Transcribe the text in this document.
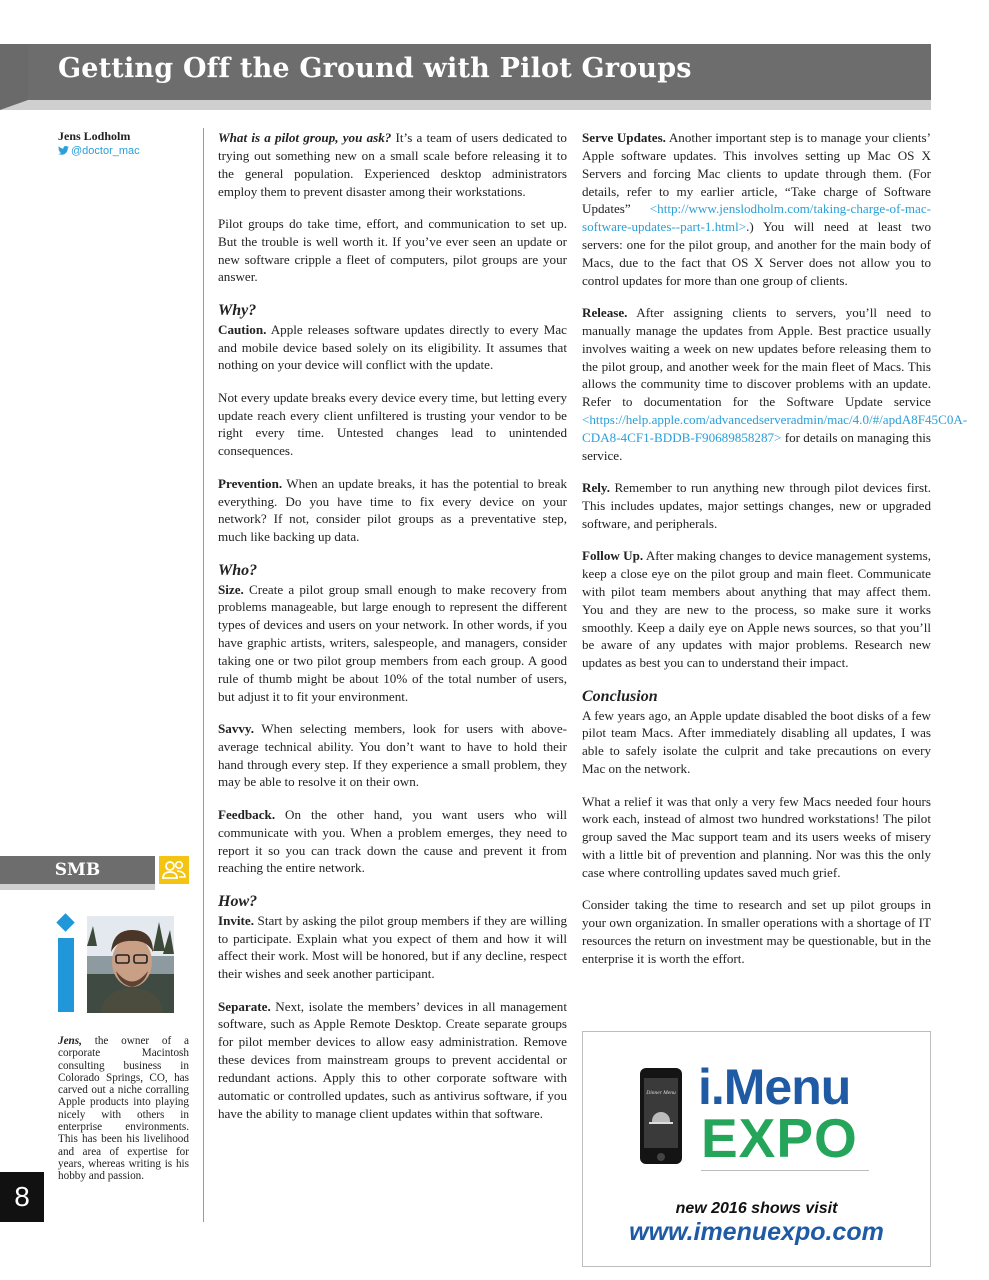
Getting Off the Ground with Pilot Groups
Jens Lodholm
@doctor_mac
SMB
Jens, the owner of a corporate Macintosh consulting business in Colorado Springs, CO, has carved out a niche corralling Apple products into playing nicely with others in enterprise environments. This has been his livelihood and area of expertise for years, whereas writing is his hobby and passion.
8

What is a pilot group, you ask? It’s a team of users dedicated to trying out something new on a small scale before releasing it to the general population. Experienced desktop administrators employ them to prevent disaster among their workstations.

Pilot groups do take time, effort, and communication to set up. But the trouble is well worth it. If you’ve ever seen an update or new software cripple a fleet of computers, pilot groups are your answer.

Why?

Caution. Apple releases software updates directly to every Mac and mobile device based solely on its eligibility. It assumes that nothing on your device will conflict with the update.

Not every update breaks every device every time, but letting every update reach every client unfiltered is trusting your vendor to be right every time. Untested changes lead to unintended consequences.

Prevention. When an update breaks, it has the potential to break everything. Do you have time to fix every device on your network? If not, consider pilot groups as a preventative step, much like backing up data.

Who?

Size. Create a pilot group small enough to make recovery from problems manageable, but large enough to represent the different types of devices and users on your network. In other words, if you have graphic artists, writers, salespeople, and managers, consider taking one or two pilot group members from each group. A good rule of thumb might be about 10% of the total number of users, but adjust it to fit your environment.

Savvy. When selecting members, look for users with above-average technical ability. You don’t want to have to hold their hand through every step. If they experience a small problem, they may be able to resolve it on their own.

Feedback. On the other hand, you want users who will communicate with you. When a problem emerges, they need to report it so you can track down the cause and prevent it from reaching the entire network.

How?

Invite. Start by asking the pilot group members if they are willing to participate. Explain what you expect of them and how it will affect their work. Most will be honored, but if any decline, respect their wishes and seek another participant.

Separate. Next, isolate the members’ devices in all management software, such as Apple Remote Desktop. Create separate groups for pilot member devices to allow easy administration. Remove these devices from mainstream groups to prevent accidental or redundant actions. Apply this to other corporate software with automatic or controlled updates, such as antivirus software, if you have the ability to manage client updates within that software.

Serve Updates. Another important step is to manage your clients’ Apple software updates. This involves setting up Mac OS X Servers and forcing Mac clients to update through them. (For details, refer to my earlier article, “Take charge of Software Updates” <http://www.jenslodholm.com/taking-charge-of-mac-software-updates--part-1.html>.) You will need at least two servers: one for the pilot group, and another for the main body of Macs, due to the fact that OS X Server does not allow you to control updates for more than one group of clients.

Release. After assigning clients to servers, you’ll need to manually manage the updates from Apple. Best practice usually involves waiting a week on new updates before releasing them to the pilot group, and another week for the main fleet of Macs. This allows the community time to discover problems with an update. Refer to documentation for the Software Update service <https://help.apple.com/advancedserveradmin/mac/4.0/#/apdA8F45C0A-CDA8-4CF1-BDDB-F90689858287> for details on managing this service.

Rely. Remember to run anything new through pilot devices first. This includes updates, major settings changes, new or upgraded software, and peripherals.

Follow Up. After making changes to device management systems, keep a close eye on the pilot group and main fleet. Communicate with pilot team members about anything that may affect them. You and they are new to the process, so make sure it works smoothly. Keep a daily eye on Apple news sources, so that you’ll be aware of any updates with major problems. Research new updates as best you can to understand their impact.

Conclusion

A few years ago, an Apple update disabled the boot disks of a few pilot team Macs. After immediately disabling all updates, I was able to safely isolate the culprit and take precautions on every Mac on the network.

What a relief it was that only a very few Macs needed four hours work each, instead of almost two hundred workstations! The pilot group saved the Mac support team and its users weeks of misery with a little bit of prevention and planning. Nor was this the only case where controlling updates saved much grief.

Consider taking the time to research and set up pilot groups in your own organization. In smaller operations with a shortage of IT resources the return on investment may be questionable, but in the enterprise it is worth the effort.

Dinner Menu i.Menu
EXPO
new 2016 shows visit
www.imenuexpo.com
